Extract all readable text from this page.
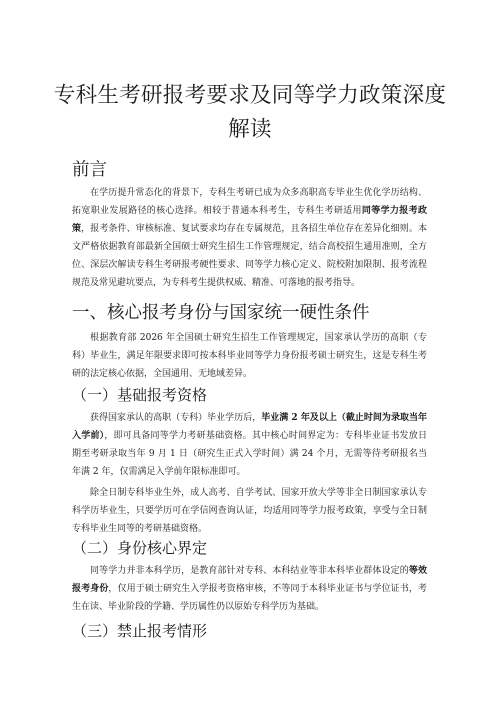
专科生考研报考要求及同等学力政策深度
解读
前言

在学历提升常态化的背景下，专科生考研已成为众多高职高专毕业生优化学历结构、拓宽职业发展路径的核心选择。相较于普通本科考生，专科生考研适用同等学力报考政策，报考条件、审核标准、复试要求均存在专属规范，且各招生单位存在差异化细则。本文严格依据教育部最新全国硕士研究生招生工作管理规定，结合高校招生通用准则，全方位、深层次解读专科生考研报考硬性要求、同等学力核心定义、院校附加限制、报考流程规范及常见避坑要点，为专科考生提供权威、精准、可落地的报考指导。

一、核心报考身份与国家统一硬性条件

根据教育部 2026 年全国硕士研究生招生工作管理规定，国家承认学历的高职（专科）毕业生，满足年限要求即可按本科毕业同等学力身份报考硕士研究生，这是专科生考研的法定核心依据，全国通用、无地域差异。

（一）基础报考资格

获得国家承认的高职（专科）毕业学历后，毕业满 2 年及以上（截止时间为录取当年入学前），即可具备同等学力考研基础资格。其中核心时间界定为：专科毕业证书发放日期至考研录取当年 9 月 1 日（研究生正式入学时间）满 24 个月，无需等待考研报名当年满 2 年，仅需满足入学前年限标准即可。

除全日制专科毕业生外，成人高考、自学考试、国家开放大学等非全日制国家承认专科学历毕业生，只要学历可在学信网查询认证，均适用同等学力报考政策，享受与全日制专科毕业生同等的考研基础资格。

（二）身份核心界定

同等学力并非本科学历，是教育部针对专科、本科结业等非本科毕业群体设定的等效报考身份，仅用于硕士研究生入学报考资格审核，不等同于本科毕业证书与学位证书，考生在读、毕业阶段的学籍、学历属性仍以原始专科学历为基础。

（三）禁止报考情形
